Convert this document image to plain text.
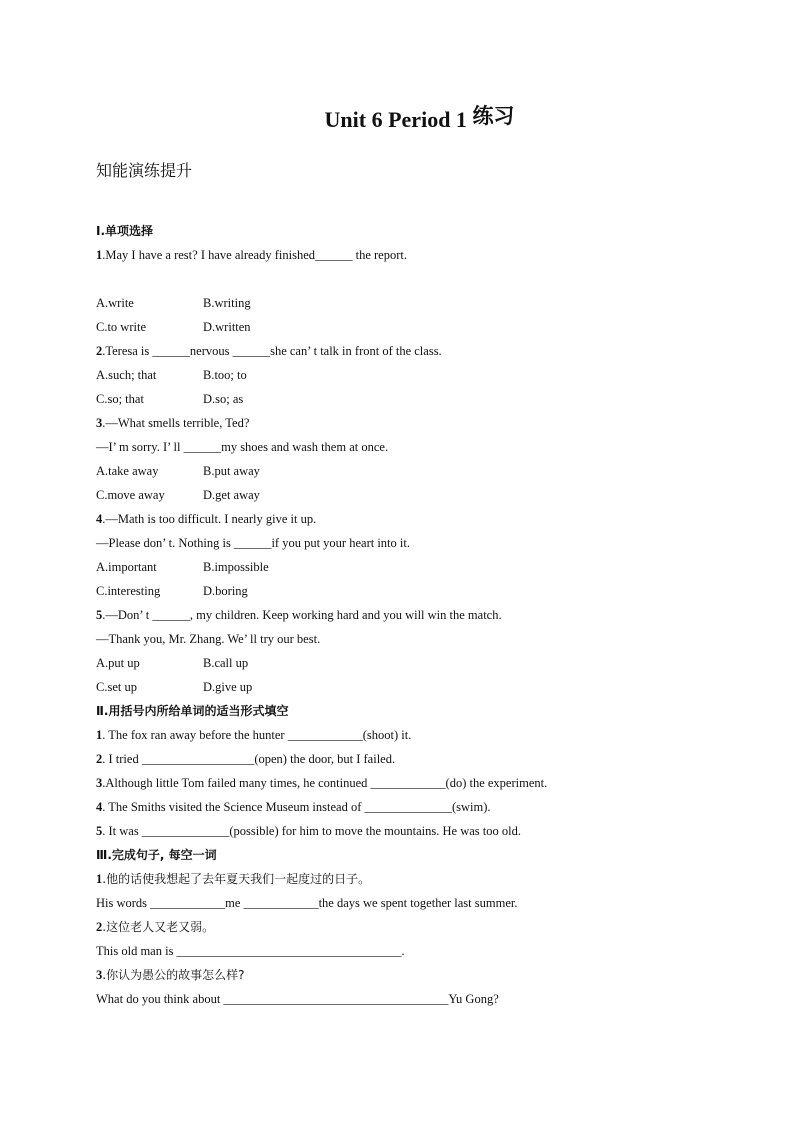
Unit 6 Period 1 练习
知能演练提升
Ⅰ.单项选择
1.May I have a rest? I have already finished______ the report.
A.write	B.writing
C.to write	D.written
2.Teresa is ______nervous ______she can’ t talk in front of the class.
A.such; that	B.too; to
C.so; that	D.so; as
3.—What smells terrible, Ted?
—I’ m sorry. I’ ll ______my shoes and wash them at once.
A.take away	B.put away
C.move away	D.get away
4.—Math is too difficult. I nearly give it up.
—Please don’ t. Nothing is ______if you put your heart into it.
A.important	B.impossible
C.interesting	D.boring
5.—Don’ t ______, my children. Keep working hard and you will win the match.
—Thank you, Mr. Zhang. We’ ll try our best.
A.put up	B.call up
C.set up	D.give up
Ⅱ.用括号内所给单词的适当形式填空
1. The fox ran away before the hunter ____________(shoot) it.
2. I tried __________________(open) the door, but I failed.
3.Although little Tom failed many times, he continued ____________(do) the experiment.
4. The Smiths visited the Science Museum instead of ______________(swim).
5. It was ______________(possible) for him to move the mountains. He was too old.
Ⅲ.完成句子, 每空一词
1.他的话使我想起了去年夏天我们一起度过的日子。
His words ____________me ____________the days we spent together last summer.
2.这位老人又老又弱。
This old man is ____________________________________.
3.你认为愚公的故事怎么样?
What do you think about ____________________________________Yu Gong?
